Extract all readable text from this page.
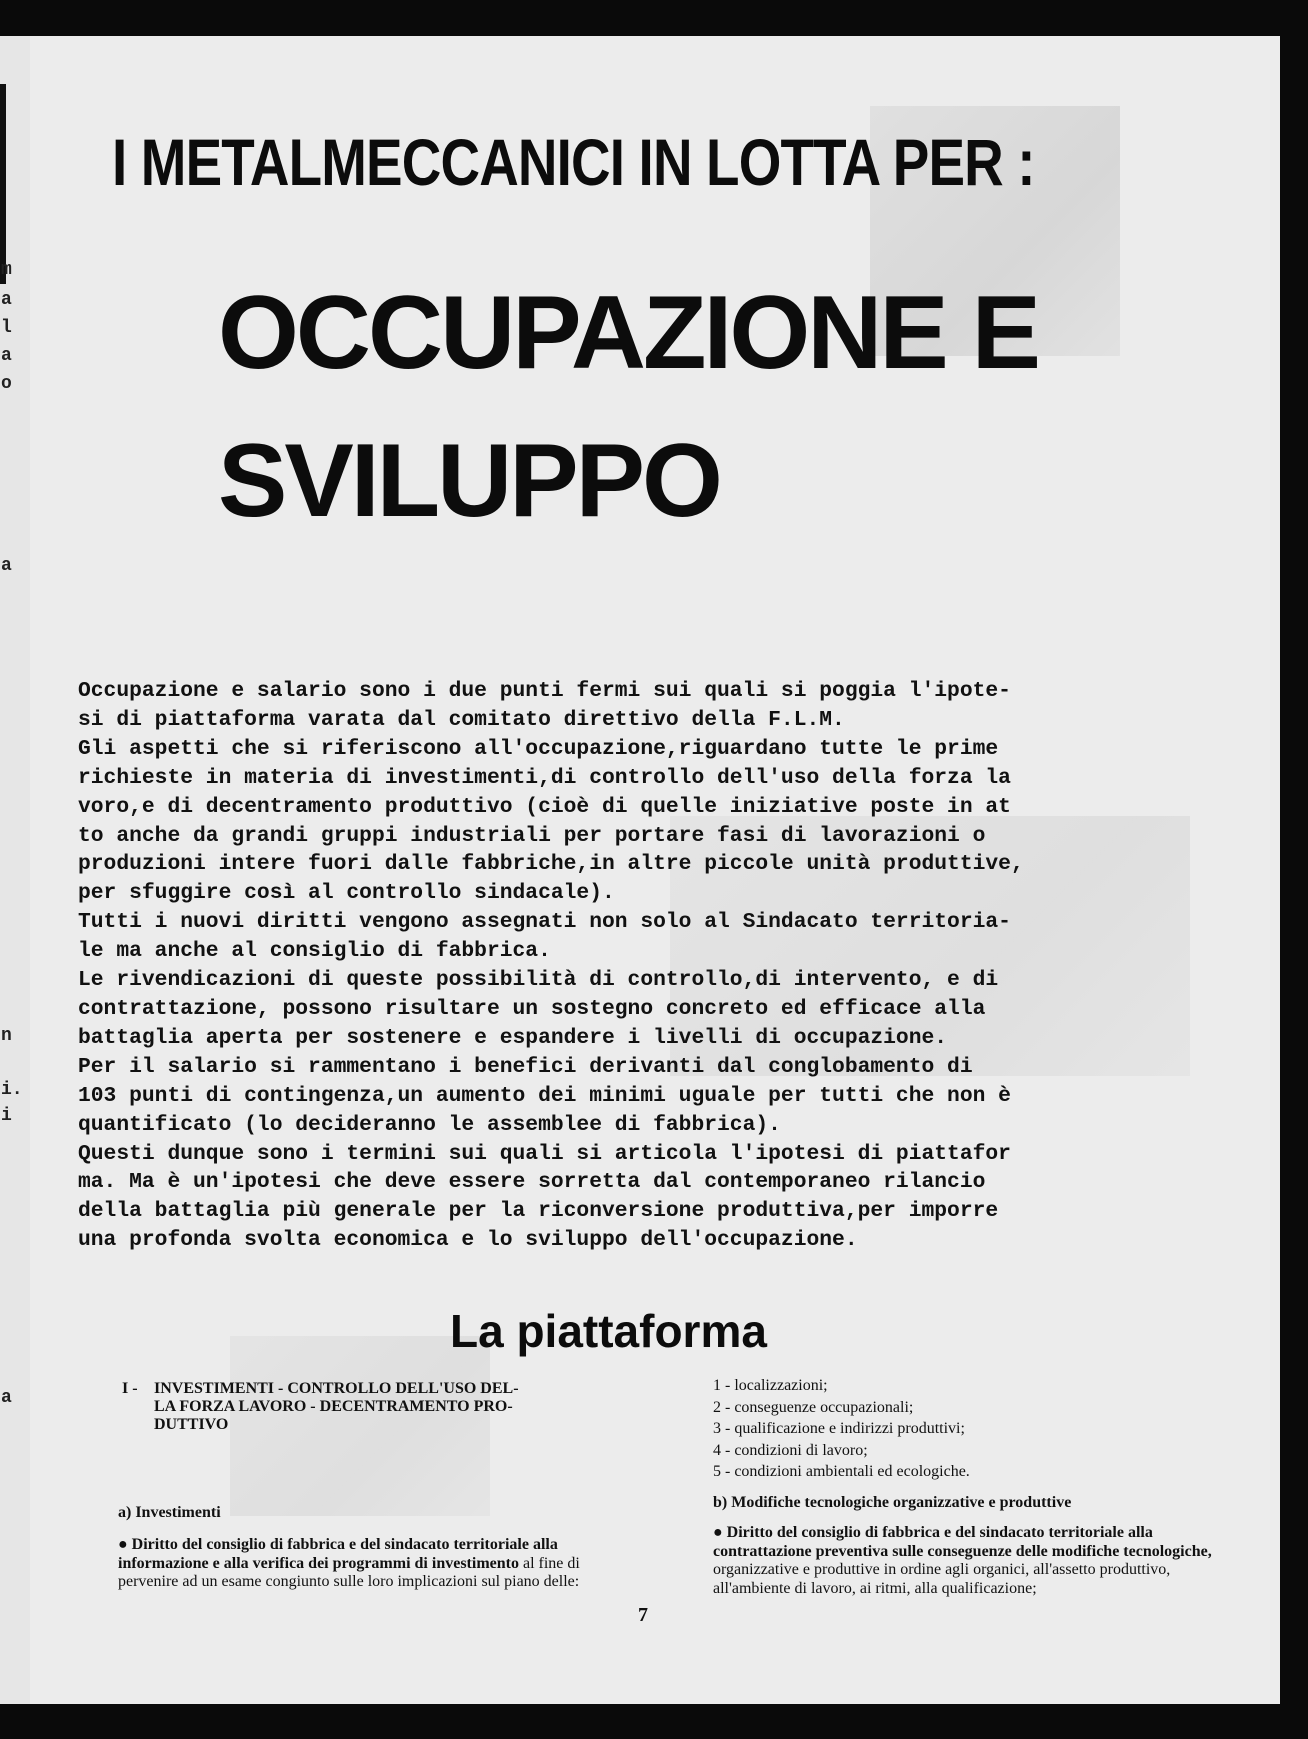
m
a
l
a
o
a
n
i.
i
a

I METALMECCANICI IN LOTTA PER :
OCCUPAZIONE E
SVILUPPO

Occupazione e salario sono i due punti fermi sui quali si poggia l'ipote-

si di piattaforma varata dal comitato direttivo della F.L.M.

Gli aspetti che si riferiscono all'occupazione,riguardano tutte le prime

richieste in materia di investimenti,di controllo dell'uso della forza la

voro,e di decentramento produttivo (cioè di quelle iniziative poste in at

to anche da grandi gruppi industriali per portare fasi di lavorazioni o

produzioni intere fuori dalle fabbriche,in altre piccole unità produttive,

per sfuggire così al controllo sindacale).

Tutti i nuovi diritti vengono assegnati non solo al Sindacato territoria-

le ma anche al consiglio di fabbrica.

Le rivendicazioni di queste possibilità di controllo,di intervento, e di

contrattazione, possono risultare un sostegno concreto ed efficace alla

battaglia aperta per sostenere e espandere i livelli di occupazione.

Per il salario si rammentano i benefici derivanti dal conglobamento di

103 punti di contingenza,un aumento dei minimi uguale per tutti che non è

quantificato (lo decideranno le assemblee di fabbrica).

Questi dunque sono i termini sui quali si articola l'ipotesi di piattafor

ma. Ma è un'ipotesi che deve essere sorretta dal contemporaneo rilancio

della battaglia più generale per la riconversione produttiva,per imporre

una profonda svolta economica e lo sviluppo dell'occupazione.

La piattaforma
I - INVESTIMENTI - CONTROLLO DELL'USO DEL-
LA FORZA LAVORO - DECENTRAMENTO PRO-
DUTTIVO
a) Investimenti
● Diritto del consiglio di fabbrica e del sindacato territoriale alla informazione e alla verifica dei programmi di investimento al fine di pervenire ad un esame congiunto sulle loro implicazioni sul piano delle:
1 - localizzazioni;
2 - conseguenze occupazionali;
3 - qualificazione e indirizzi produttivi;
4 - condizioni di lavoro;
5 - condizioni ambientali ed ecologiche.
b) Modifiche tecnologiche organizzative e produttive
● Diritto del consiglio di fabbrica e del sindacato territoriale alla contrattazione preventiva sulle conseguenze delle modifiche tecnologiche, organizzative e produttive in ordine agli organici, all'assetto produttivo, all'ambiente di lavoro, ai ritmi, alla qualificazione;
7
